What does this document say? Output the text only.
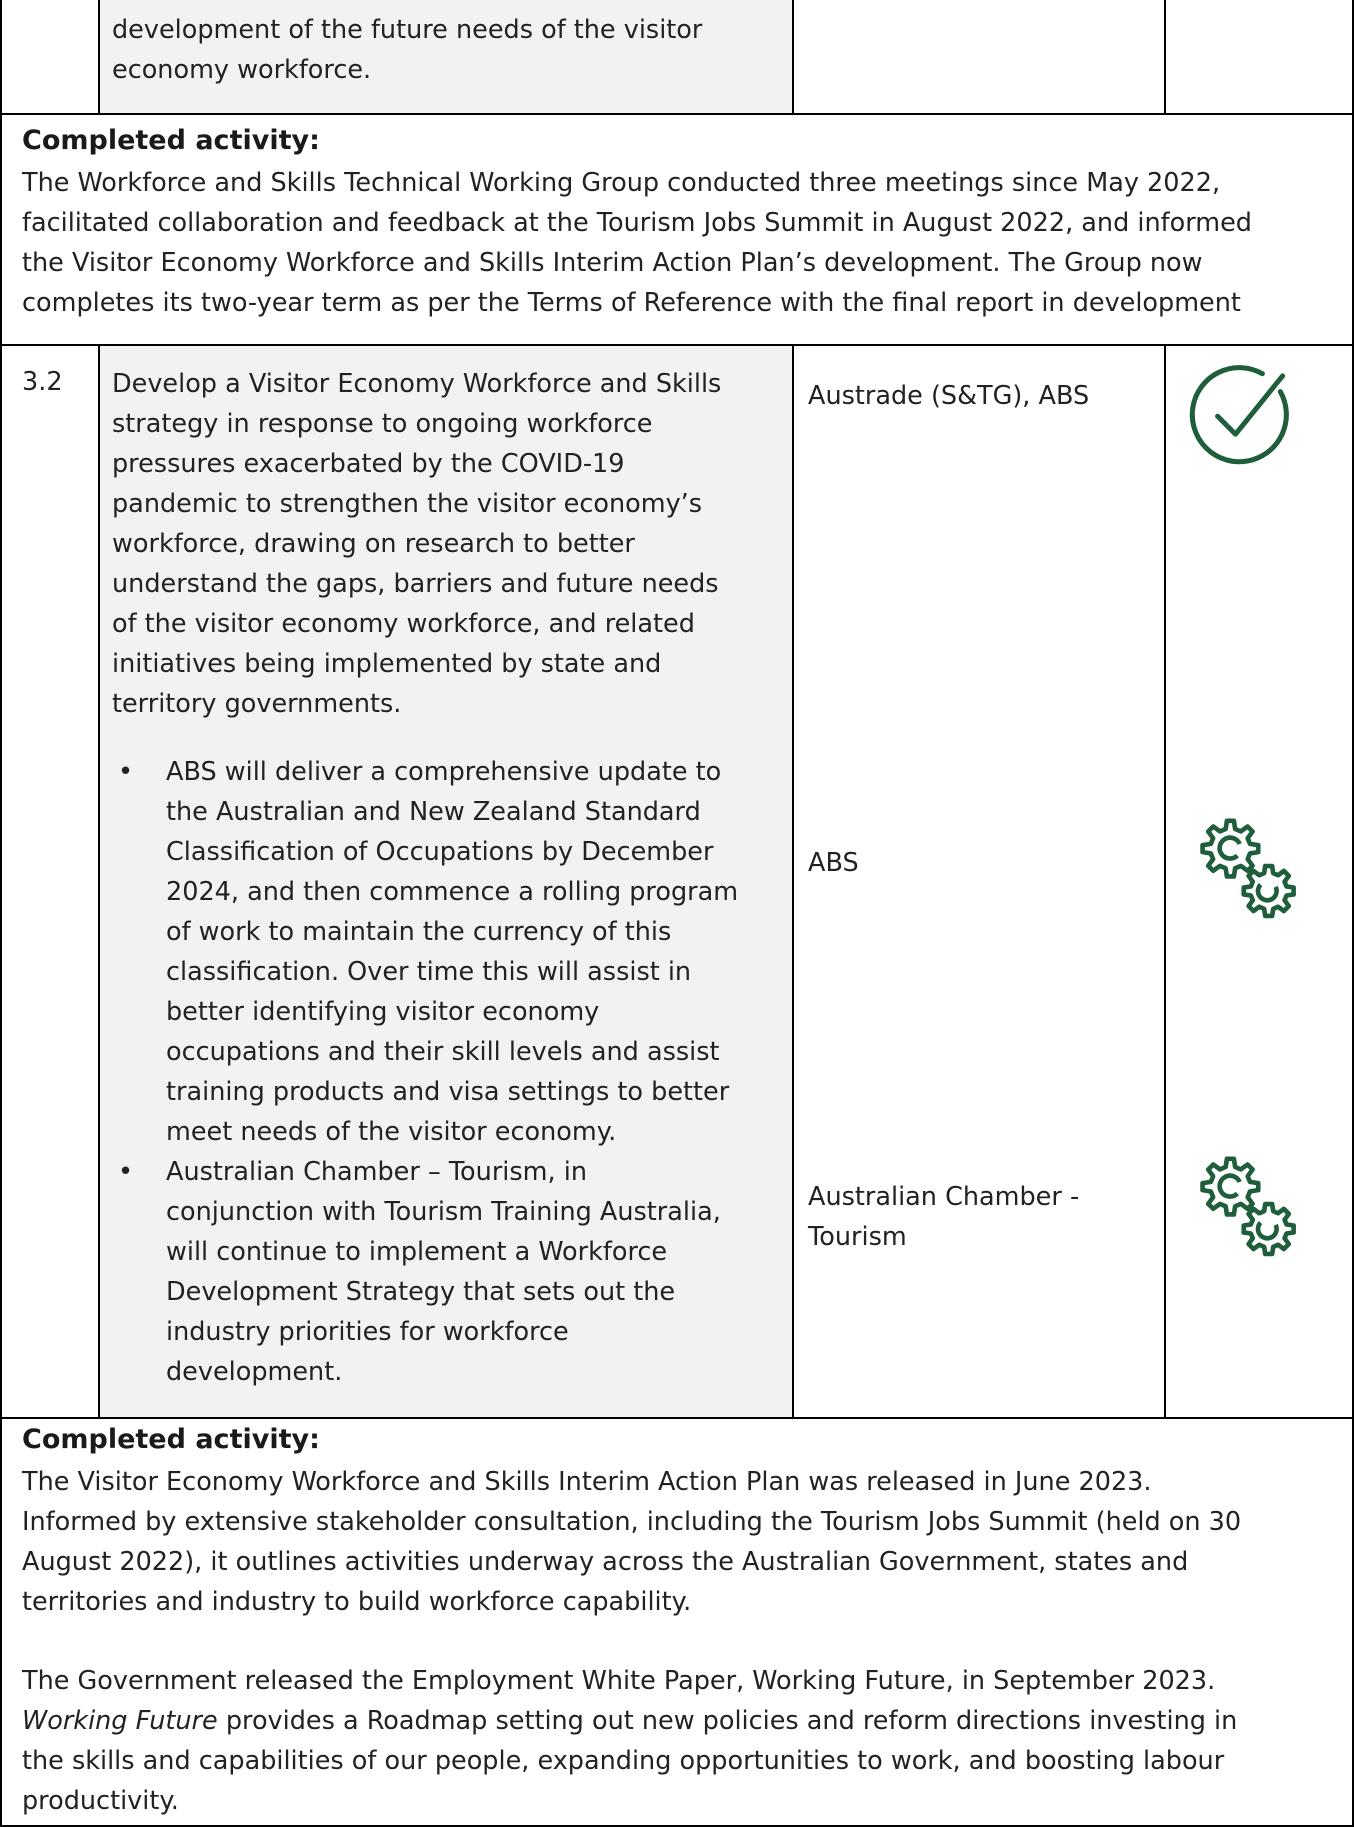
development of the future needs of the visitor
economy workforce.
Completed activity:
The Workforce and Skills Technical Working Group conducted three meetings since May 2022,
facilitated collaboration and feedback at the Tourism Jobs Summit in August 2022, and informed
the Visitor Economy Workforce and Skills Interim Action Plan’s development. The Group now
completes its two-year term as per the Terms of Reference with the final report in development
3.2 Develop a Visitor Economy Workforce and Skills
strategy in response to ongoing workforce
pressures exacerbated by the COVID-19
pandemic to strengthen the visitor economy’s
workforce, drawing on research to better
understand the gaps, barriers and future needs
of the visitor economy workforce, and related
initiatives being implemented by state and
territory governments.
• ABS will deliver a comprehensive update to
the Australian and New Zealand Standard
Classification of Occupations by December
2024, and then commence a rolling program
of work to maintain the currency of this
classification. Over time this will assist in
better identifying visitor economy
occupations and their skill levels and assist
training products and visa settings to better
meet needs of the visitor economy.
• Australian Chamber – Tourism, in
conjunction with Tourism Training Australia,
will continue to implement a Workforce
Development Strategy that sets out the
industry priorities for workforce
development.
Austrade (S&TG), ABS
ABS
Australian Chamber -
Tourism
Completed activity:
The Visitor Economy Workforce and Skills Interim Action Plan was released in June 2023.
Informed by extensive stakeholder consultation, including the Tourism Jobs Summit (held on 30
August 2022), it outlines activities underway across the Australian Government, states and
territories and industry to build workforce capability.
The Government released the Employment White Paper, Working Future, in September 2023.
Working Future provides a Roadmap setting out new policies and reform directions investing in
the skills and capabilities of our people, expanding opportunities to work, and boosting labour
productivity.
